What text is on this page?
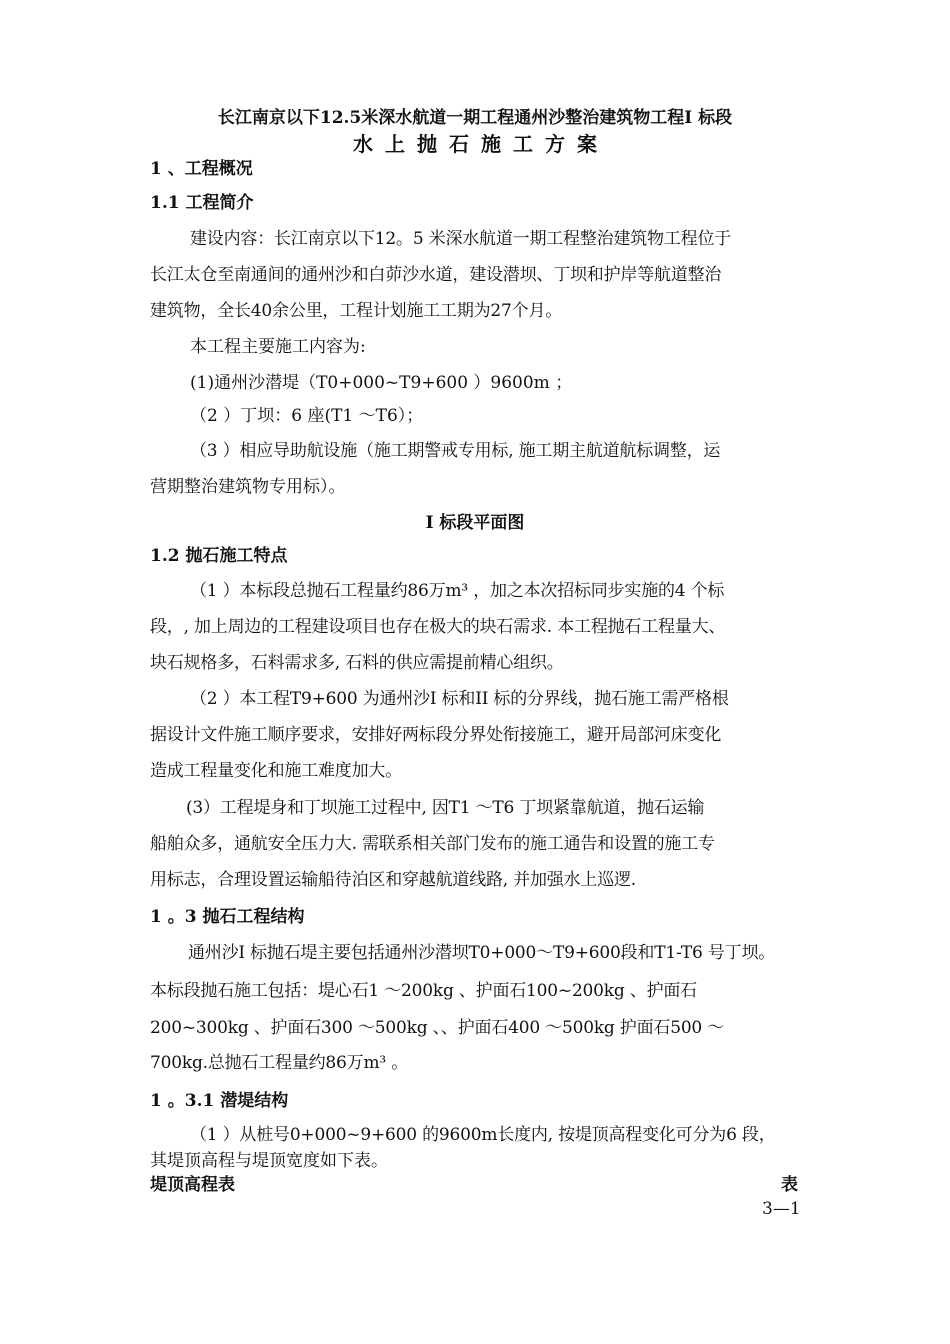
长江南京以下12.5米深水航道一期工程通州沙整治建筑物工程I 标段
水上抛石施工方案
1 、工程概况
1.1 工程简介
建设内容：长江南京以下12。5 米深水航道一期工程整治建筑物工程位于
长江太仓至南通间的通州沙和白茆沙水道，建设潜坝、丁坝和护岸等航道整治
建筑物，全长40余公里，工程计划施工工期为27个月。
本工程主要施工内容为:
(1)通州沙潜堤（T0+000~T9+600 ）9600m ；
（2 ）丁坝：6 座(T1 ～T6）；
（3 ）相应导助航设施（施工期警戒专用标, 施工期主航道航标调整，运
营期整治建筑物专用标）。
I 标段平面图
1.2 抛石施工特点
（1 ）本标段总抛石工程量约86万m³ ，加之本次招标同步实施的4 个标
段，, 加上周边的工程建设项目也存在极大的块石需求. 本工程抛石工程量大、
块石规格多，石料需求多, 石料的供应需提前精心组织。
（2 ）本工程T9+600 为通州沙I 标和II 标的分界线，抛石施工需严格根
据设计文件施工顺序要求，安排好两标段分界处衔接施工，避开局部河床变化
造成工程量变化和施工难度加大。
(3）工程堤身和丁坝施工过程中, 因T1 ～T6 丁坝紧靠航道，抛石运输
船舶众多，通航安全压力大. 需联系相关部门发布的施工通告和设置的施工专
用标志，合理设置运输船待泊区和穿越航道线路, 并加强水上巡逻.
1 。3 抛石工程结构
通州沙I 标抛石堤主要包括通州沙潜坝T0+000～T9+600段和T1-T6 号丁坝。
本标段抛石施工包括：堤心石1 ～200kg 、护面石100~200kg 、护面石
200~300kg 、护面石300 ～500kg 、、护面石400 ～500kg 护面石500 ～
700kg.总抛石工程量约86万m³ 。
1 。3.1 潜堤结构
（1 ）从桩号0+000~9+600 的9600m长度内, 按堤顶高程变化可分为6 段，
其堤顶高程与堤顶宽度如下表。
堤顶高程表	表
3—1
